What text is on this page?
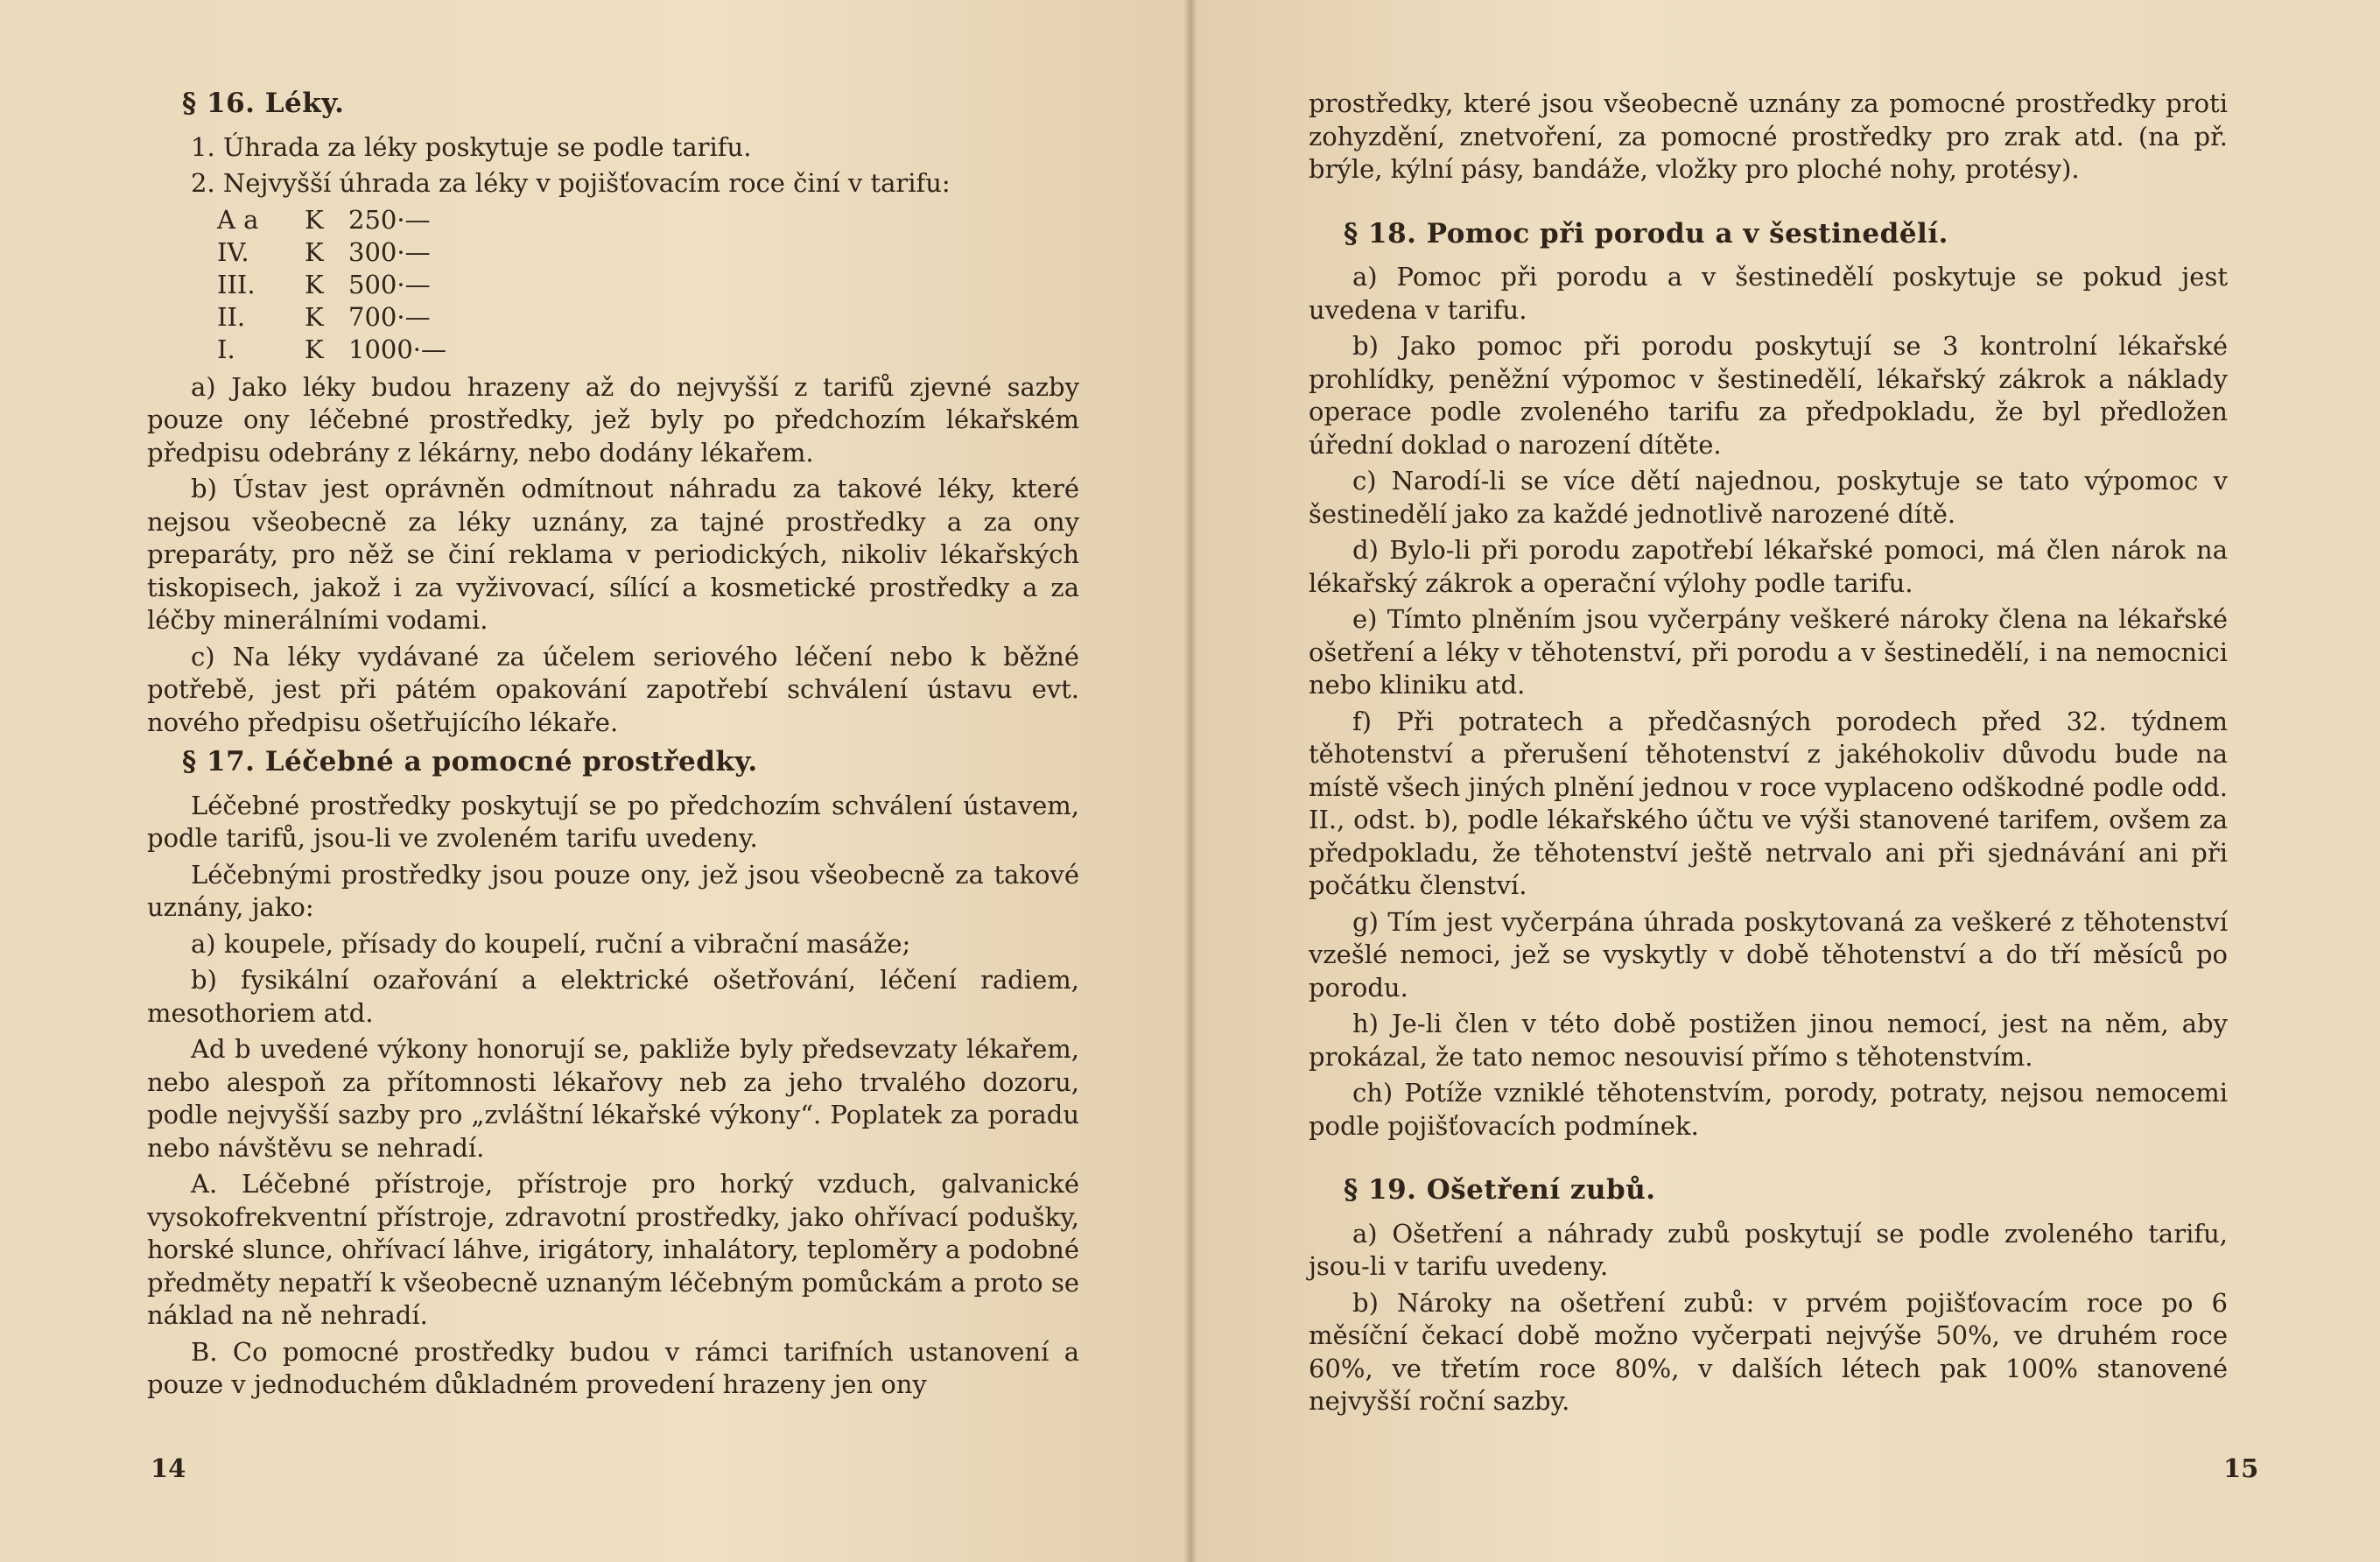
§ 16. Léky.

1. Úhrada za léky poskytuje se podle tarifu.

2. Nejvyšší úhrada za léky v pojišťovacím roce činí v tarifu:

A a	K 250·—
IV.	K 300·—
III.	K 500·—
II.	K 700·—
I.	K 1000·—

a) Jako léky budou hrazeny až do nejvyšší z tarifů zjevné sazby pouze ony léčebné prostředky, jež byly po předchozím lékařském předpisu odebrány z lékárny, nebo dodány lékařem.

b) Ústav jest oprávněn odmítnout náhradu za takové léky, které nejsou všeobecně za léky uznány, za tajné prostředky a za ony preparáty, pro něž se činí reklama v periodických, nikoliv lékařských tiskopisech, jakož i za vyživovací, sílící a kosmetické prostředky a za léčby minerálními vodami.

c) Na léky vydávané za účelem seriového léčení nebo k běžné potřebě, jest při pátém opakování zapotřebí schválení ústavu evt. nového předpisu ošetřujícího lékaře.

§ 17. Léčebné a pomocné prostředky.

Léčebné prostředky poskytují se po předchozím schválení ústavem, podle tarifů, jsou-li ve zvoleném tarifu uvedeny.

Léčebnými prostředky jsou pouze ony, jež jsou všeobecně za takové uznány, jako:

a) koupele, přísady do koupelí, ruční a vibrační masáže;

b) fysikální ozařování a elektrické ošetřování, léčení radiem, mesothoriem atd.

Ad b uvedené výkony honorují se, pakliže byly předsevzaty lékařem, nebo alespoň za přítomnosti lékařovy neb za jeho trvalého dozoru, podle nejvyšší sazby pro „zvláštní lékařské výkony“. Poplatek za poradu nebo návštěvu se nehradí.

A. Léčebné přístroje, přístroje pro horký vzduch, galvanické vysokofrekventní přístroje, zdravotní prostředky, jako ohřívací podušky, horské slunce, ohřívací láhve, irigátory, inhalátory, teploměry a podobné předměty nepatří k všeobecně uznaným léčebným pomůckám a proto se náklad na ně nehradí.

B. Co pomocné prostředky budou v rámci tarifních ustanovení a pouze v jednoduchém důkladném provedení hrazeny jen ony

14

prostředky, které jsou všeobecně uznány za pomocné prostředky proti zohyzdění, znetvoření, za pomocné prostředky pro zrak atd. (na př. brýle, kýlní pásy, bandáže, vložky pro ploché nohy, protésy).

§ 18. Pomoc při porodu a v šestinedělí.

a) Pomoc při porodu a v šestinedělí poskytuje se pokud jest uvedena v tarifu.

b) Jako pomoc při porodu poskytují se 3 kontrolní lékařské prohlídky, peněžní výpomoc v šestinedělí, lékařský zákrok a náklady operace podle zvoleného tarifu za předpokladu, že byl předložen úřední doklad o narození dítěte.

c) Narodí-li se více dětí najednou, poskytuje se tato výpomoc v šestinedělí jako za každé jednotlivě narozené dítě.

d) Bylo-li při porodu zapotřebí lékařské pomoci, má člen nárok na lékařský zákrok a operační výlohy podle tarifu.

e) Tímto plněním jsou vyčerpány veškeré nároky člena na lékařské ošetření a léky v těhotenství, při porodu a v šestinedělí, i na nemocnici nebo kliniku atd.

f) Při potratech a předčasných porodech před 32. týdnem těhotenství a přerušení těhotenství z jakéhokoliv důvodu bude na místě všech jiných plnění jednou v roce vyplaceno odškodné podle odd. II., odst. b), podle lékařského účtu ve výši stanovené tarifem, ovšem za předpokladu, že těhotenství ještě netrvalo ani při sjednávání ani při počátku členství.

g) Tím jest vyčerpána úhrada poskytovaná za veškeré z těhotenství vzešlé nemoci, jež se vyskytly v době těhotenství a do tří měsíců po porodu.

h) Je-li člen v této době postižen jinou nemocí, jest na něm, aby prokázal, že tato nemoc nesouvisí přímo s těhotenstvím.

ch) Potíže vzniklé těhotenstvím, porody, potraty, nejsou nemocemi podle pojišťovacích podmínek.

§ 19. Ošetření zubů.

a) Ošetření a náhrady zubů poskytují se podle zvoleného tarifu, jsou-li v tarifu uvedeny.

b) Nároky na ošetření zubů: v prvém pojišťovacím roce po 6 měsíční čekací době možno vyčerpati nejvýše 50%, ve druhém roce 60%, ve třetím roce 80%, v dalších létech pak 100% stanovené nejvyšší roční sazby.

15
